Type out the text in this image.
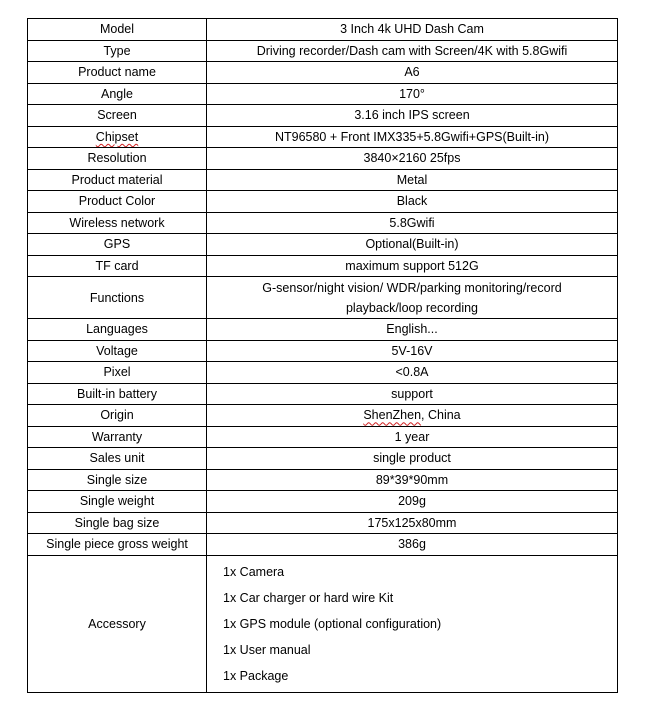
Model	3 Inch 4k UHD Dash Cam
Type	Driving recorder/Dash cam with Screen/4K with 5.8Gwifi
Product name	A6
Angle	170°
Screen	3.16 inch IPS screen
Chipset	NT96580 + Front IMX335+5.8Gwifi+GPS(Built-in)
Resolution	3840×2160 25fps
Product material	Metal
Product Color	Black
Wireless network	5.8Gwifi
GPS	Optional(Built-in)
TF card	maximum support 512G
Functions	G-sensor/night vision/ WDR/parking monitoring/record
playback/loop recording
Languages	English...
Voltage	5V-16V
Pixel	<0.8A
Built-in battery	support
Origin	ShenZhen, China
Warranty	1 year
Sales unit	single product
Single size	89*39*90mm
Single weight	209g
Single bag size	175x125x80mm
Single piece gross weight	386g
Accessory	1x Camera
1x Car charger or hard wire Kit
1x GPS module (optional configuration)
1x User manual
1x Package
